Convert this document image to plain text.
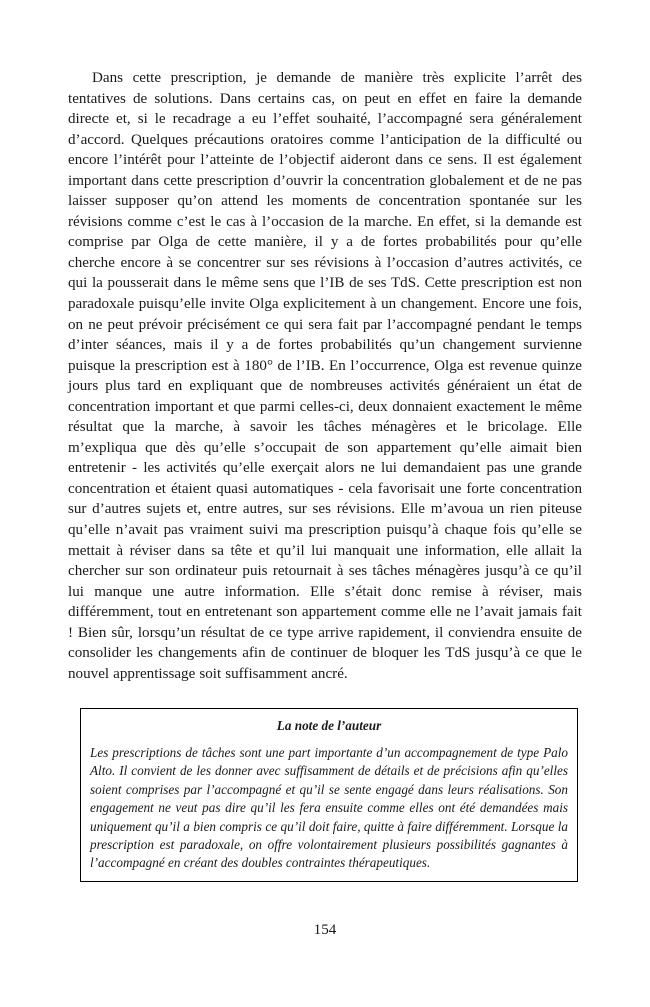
Dans cette prescription, je demande de manière très explicite l’arrêt des tentatives de solutions. Dans certains cas, on peut en effet en faire la demande directe et, si le recadrage a eu l’effet souhaité, l’accompagné sera généralement d’accord. Quelques précautions oratoires comme l’anticipation de la difficulté ou encore l’intérêt pour l’atteinte de l’objectif aideront dans ce sens. Il est également important dans cette prescription d’ouvrir la concentration globalement et de ne pas laisser supposer qu’on attend les moments de concentration spontanée sur les révisions comme c’est le cas à l’occasion de la marche. En effet, si la demande est comprise par Olga de cette manière, il y a de fortes probabilités pour qu’elle cherche encore à se concentrer sur ses révisions à l’occasion d’autres activités, ce qui la pousserait dans le même sens que l’IB de ses TdS. Cette prescription est non paradoxale puisqu’elle invite Olga explicitement à un changement. Encore une fois, on ne peut prévoir précisément ce qui sera fait par l’accompagné pendant le temps d’inter séances, mais il y a de fortes probabilités qu’un changement survienne puisque la prescription est à 180° de l’IB. En l’occurrence, Olga est revenue quinze jours plus tard en expliquant que de nombreuses activités généraient un état de concentration important et que parmi celles-ci, deux donnaient exactement le même résultat que la marche, à savoir les tâches ménagères et le bricolage. Elle m’expliqua que dès qu’elle s’occupait de son appartement qu’elle aimait bien entretenir - les activités qu’elle exerçait alors ne lui demandaient pas une grande concentration et étaient quasi automatiques - cela favorisait une forte concentration sur d’autres sujets et, entre autres, sur ses révisions. Elle m’avoua un rien piteuse qu’elle n’avait pas vraiment suivi ma prescription puisqu’à chaque fois qu’elle se mettait à réviser dans sa tête et qu’il lui manquait une information, elle allait la chercher sur son ordinateur puis retournait à ses tâches ménagères jusqu’à ce qu’il lui manque une autre information. Elle s’était donc remise à réviser, mais différemment, tout en entretenant son appartement comme elle ne l’avait jamais fait ! Bien sûr, lorsqu’un résultat de ce type arrive rapidement, il conviendra ensuite de consolider les changements afin de continuer de bloquer les TdS jusqu’à ce que le nouvel apprentissage soit suffisamment ancré.

La note de l’auteur

Les prescriptions de tâches sont une part importante d’un accompagnement de type Palo Alto. Il convient de les donner avec suffisamment de détails et de précisions afin qu’elles soient comprises par l’accompagné et qu’il se sente engagé dans leurs réalisations. Son engagement ne veut pas dire qu’il les fera ensuite comme elles ont été demandées mais uniquement qu’il a bien compris ce qu’il doit faire, quitte à faire différemment. Lorsque la prescription est paradoxale, on offre volontairement plusieurs possibilités gagnantes à l’accompagné en créant des doubles contraintes thérapeutiques.

154
